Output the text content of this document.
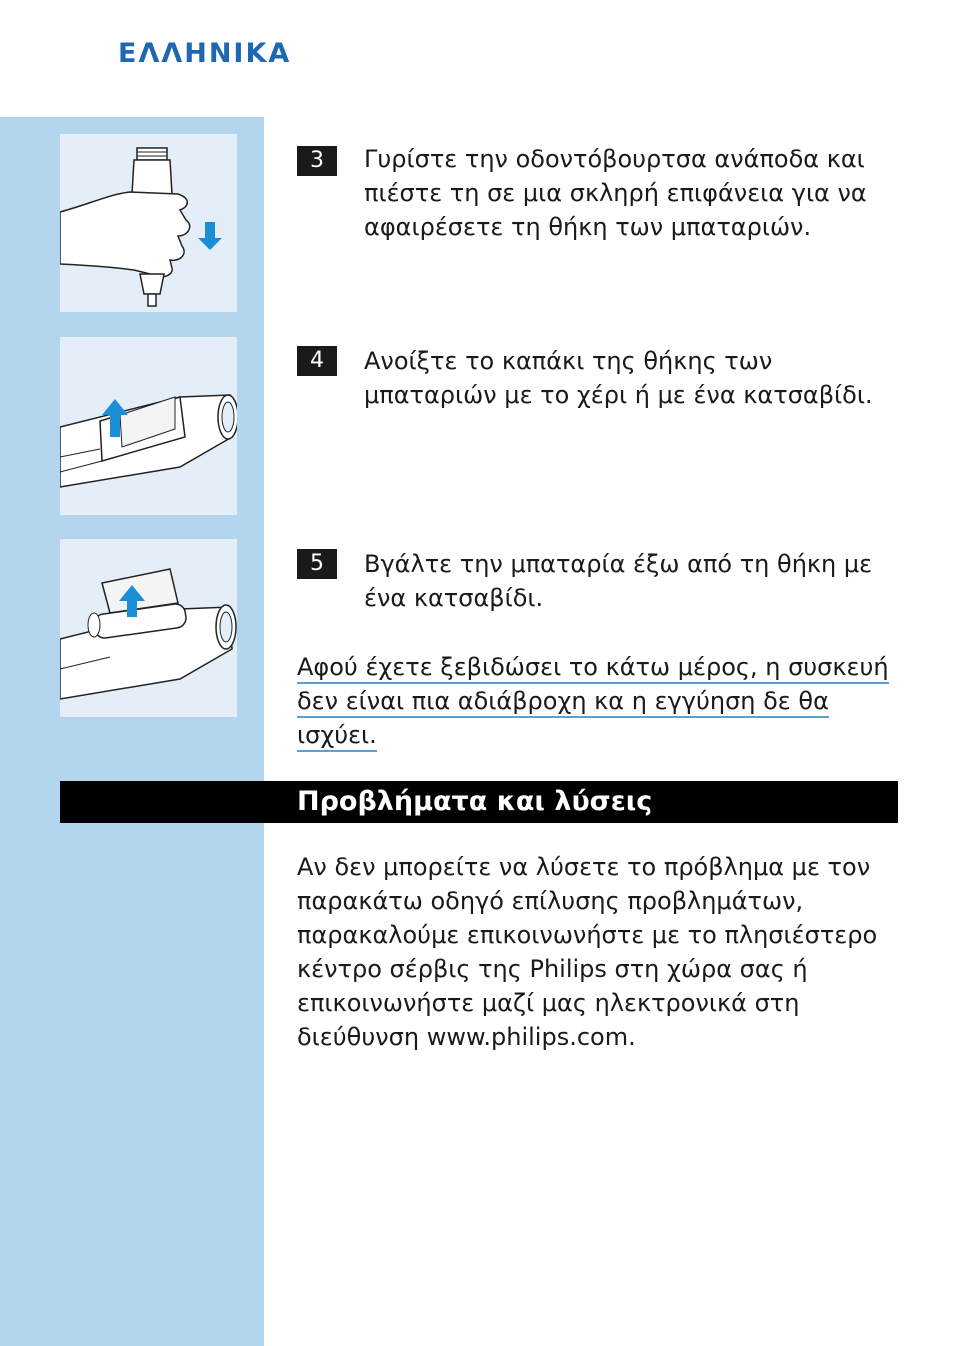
ΕΛΛΗΝΙΚΑ
3	Γυρίστε την οδοντόβουρτσα ανάποδα και πιέστε τη σε μια σκληρή επιφάνεια για να αφαιρέσετε τη θήκη των μπαταριών.

4	Ανοίξτε το καπάκι της θήκης των μπαταριών με το χέρι ή με ένα κατσαβίδι.

5	Βγάλτε την μπαταρία έξω από τη θήκη με ένα κατσαβίδι.

Αφού έχετε ξεβιδώσει το κάτω μέρος, η συσκευή δεν είναι πια αδιάβροχη κα η εγγύηση δε θα ισχύει.

Προβλήματα και λύσεις

Αν δεν μπορείτε να λύσετε το πρόβλημα με τον παρακάτω οδηγό επίλυσης προβλημάτων, παρακαλούμε επικοινωνήστε με το πλησιέστερο κέντρο σέρβις της Philips στη χώρα σας ή επικοινωνήστε μαζί μας ηλεκτρονικά στη διεύθυνση www.philips.com.
